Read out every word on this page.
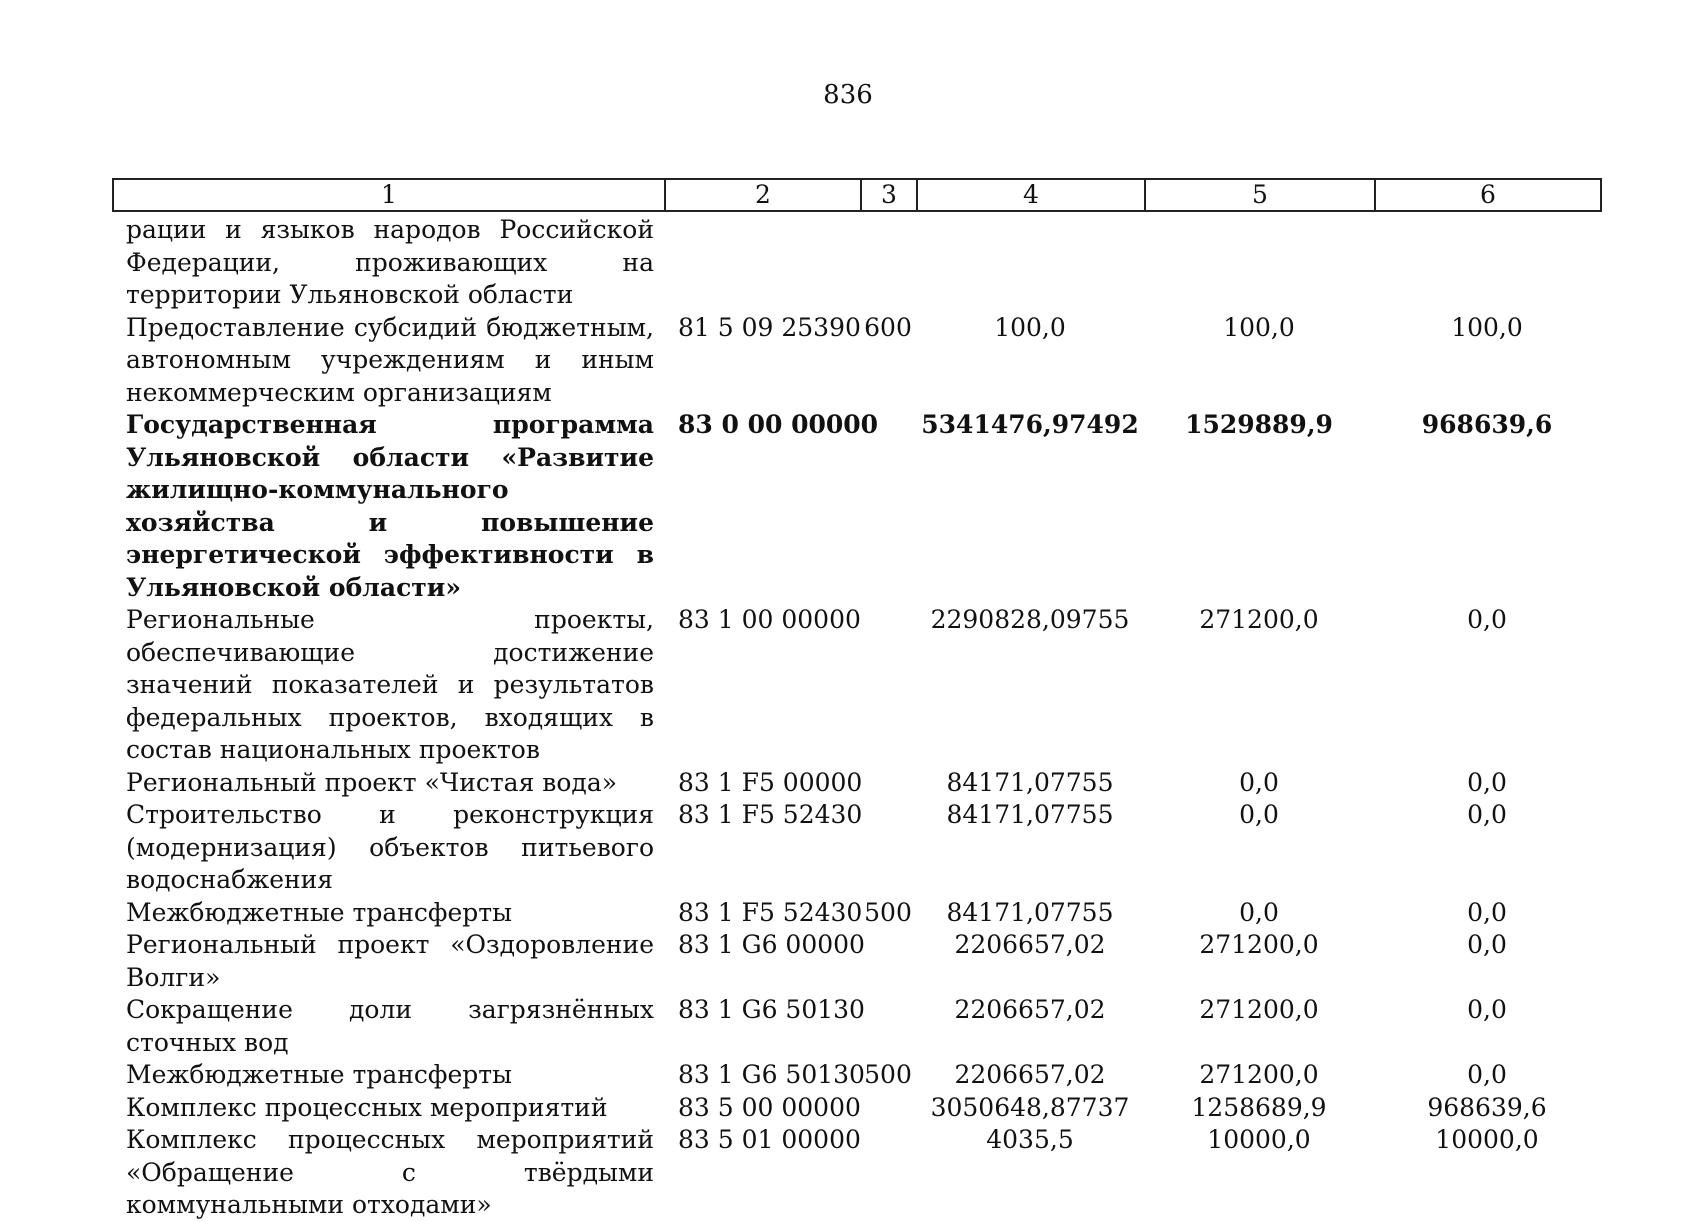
836
1	2	3	4	5	6
рации и языков народов Российской Федерации, проживающих на территории Ульяновской области					
Предоставление субсидий бюджетным, автономным учреждениям и иным некоммерческим организациям	81 5 09 25390	600	100,0	100,0	100,0
Государственная программа Ульяновской области «Развитие жилищно-коммунального хозяйства и повышение энергетической эффективности в Ульяновской области»	83 0 00 00000		5341476,97492	1529889,9	968639,6
Региональные проекты, обеспечивающие достижение значений показателей и результатов федеральных проектов, входящих в состав национальных проектов	83 1 00 00000		2290828,09755	271200,0	0,0
Региональный проект «Чистая вода»	83 1 F5 00000		84171,07755	0,0	0,0
Строительство и реконструкция (модернизация) объектов питьевого водоснабжения	83 1 F5 52430		84171,07755	0,0	0,0
Межбюджетные трансферты	83 1 F5 52430	500	84171,07755	0,0	0,0
Региональный проект «Оздоровление Волги»	83 1 G6 00000		2206657,02	271200,0	0,0
Сокращение доли загрязнённых сточных вод	83 1 G6 50130		2206657,02	271200,0	0,0
Межбюджетные трансферты	83 1 G6 50130	500	2206657,02	271200,0	0,0
Комплекс процессных мероприятий	83 5 00 00000		3050648,87737	1258689,9	968639,6
Комплекс процессных мероприятий «Обращение с твёрдыми коммунальными отходами»	83 5 01 00000		4035,5	10000,0	10000,0
